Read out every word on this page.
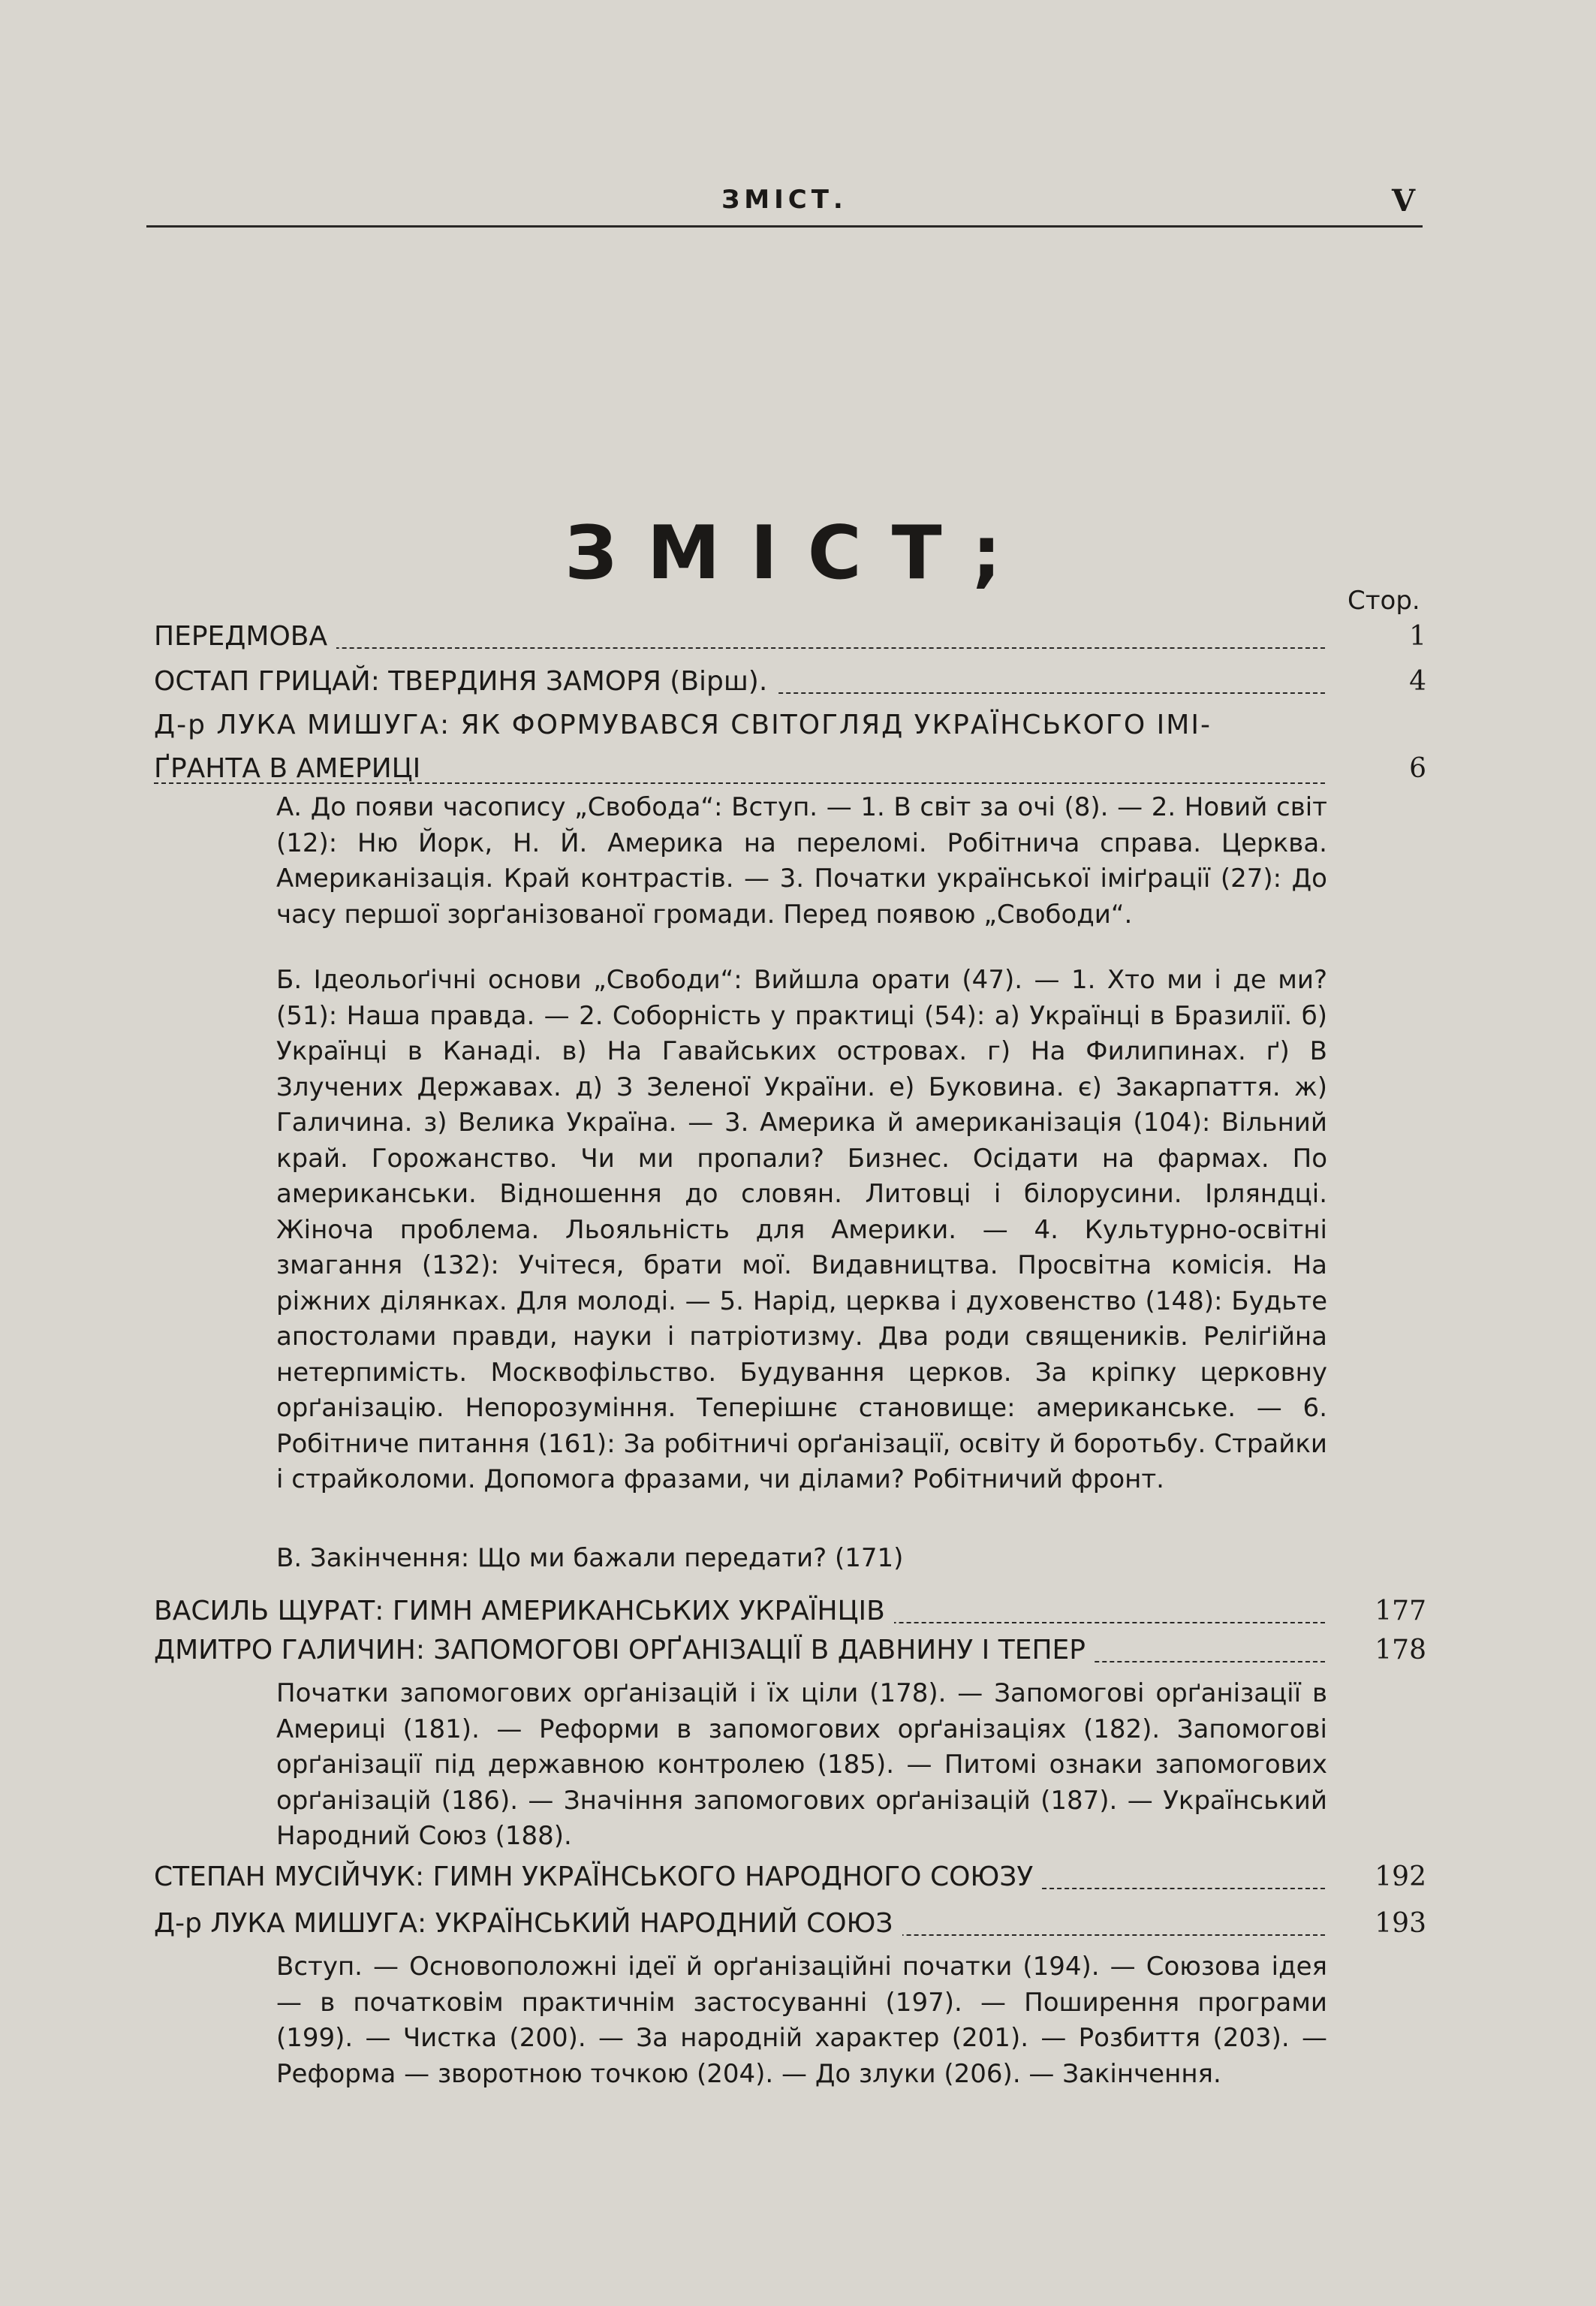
ЗМІСТ.	V
ЗМІСТ;
Стор.
ПЕРЕДМОВА	1
ОСТАП ГРИЦАЙ: ТВЕРДИНЯ ЗАМОРЯ (Вірш).	4
Д-р ЛУКА МИШУГА: ЯК ФОРМУВАВСЯ СВІТОГЛЯД УКРАЇНСЬКОГО ІМІ-
ҐРАНТА В АМЕРИЦІ	6

А. До появи часопису „Свобода“: Вступ. — 1. В світ за очі (8). — 2. Новий світ (12): Ню Йорк, Н. Й. Америка на переломі. Робітнича справа. Церква. Американізація. Край контрастів. — 3. Початки української іміґрації (27): До часу першої зорґанізованої громади. Перед появою „Свободи“.

Б. Ідеольоґічні основи „Свободи“: Вийшла орати (47). — 1. Хто ми і де ми? (51): Наша правда. — 2. Соборність у практиці (54): а) Українці в Бразилії. б) Українці в Канаді. в) На Гавайських островах. г) На Филипинах. ґ) В Злучених Державах. д) З Зеленої України. е) Буковина. є) Закарпаття. ж) Галичина. з) Велика Україна. — 3. Америка й американізація (104): Вільний край. Горожанство. Чи ми пропали? Бизнес. Осідати на фармах. По американськи. Відношення до словян. Литовці і білорусини. Ірляндці. Жіноча проблема. Льояльність для Америки. — 4. Культурно-освітні змагання (132): Учітеся, брати мої. Видавництва. Просвітна комісія. На ріжних ділянках. Для молоді. — 5. Нарід, церква і духовенство (148): Будьте апостолами правди, науки і патріотизму. Два роди священиків. Реліґійна нетерпимість. Москвофільство. Будування церков. За кріпку церковну орґанізацію. Непорозуміння. Теперішнє становище: американське. — 6. Робітниче питання (161): За робітничі орґанізації, освіту й боротьбу. Страйки і страйколоми. Допомога фразами, чи ділами? Робітничий фронт.

В. Закінчення: Що ми бажали передати? (171)

ВАСИЛЬ ЩУРАТ: ГИМН АМЕРИКАНСЬКИХ УКРАЇНЦІВ	177
ДМИТРО ГАЛИЧИН: ЗАПОМОГОВІ ОРҐАНІЗАЦІЇ В ДАВНИНУ І ТЕПЕР	178

Початки запомогових орґанізацій і їх ціли (178). — Запомогові орґанізації в Америці (181). — Реформи в запомогових орґанізаціях (182). Запомогові орґанізації під державною контролею (185). — Питомі ознаки запомогових орґанізацій (186). — Значіння запомогових орґанізацій (187). — Український Народний Союз (188).

СТЕПАН МУСІЙЧУК: ГИМН УКРАЇНСЬКОГО НАРОДНОГО СОЮЗУ	192
Д-р ЛУКА МИШУГА: УКРАЇНСЬКИЙ НАРОДНИЙ СОЮЗ	193

Вступ. — Основоположні ідеї й орґанізаційні початки (194). — Союзова ідея — в початковім практичнім застосуванні (197). — Поширення програми (199). — Чистка (200). — За народній характер (201). — Розбиття (203). — Реформа — зворотною точкою (204). — До злуки (206). — Закінчення.
